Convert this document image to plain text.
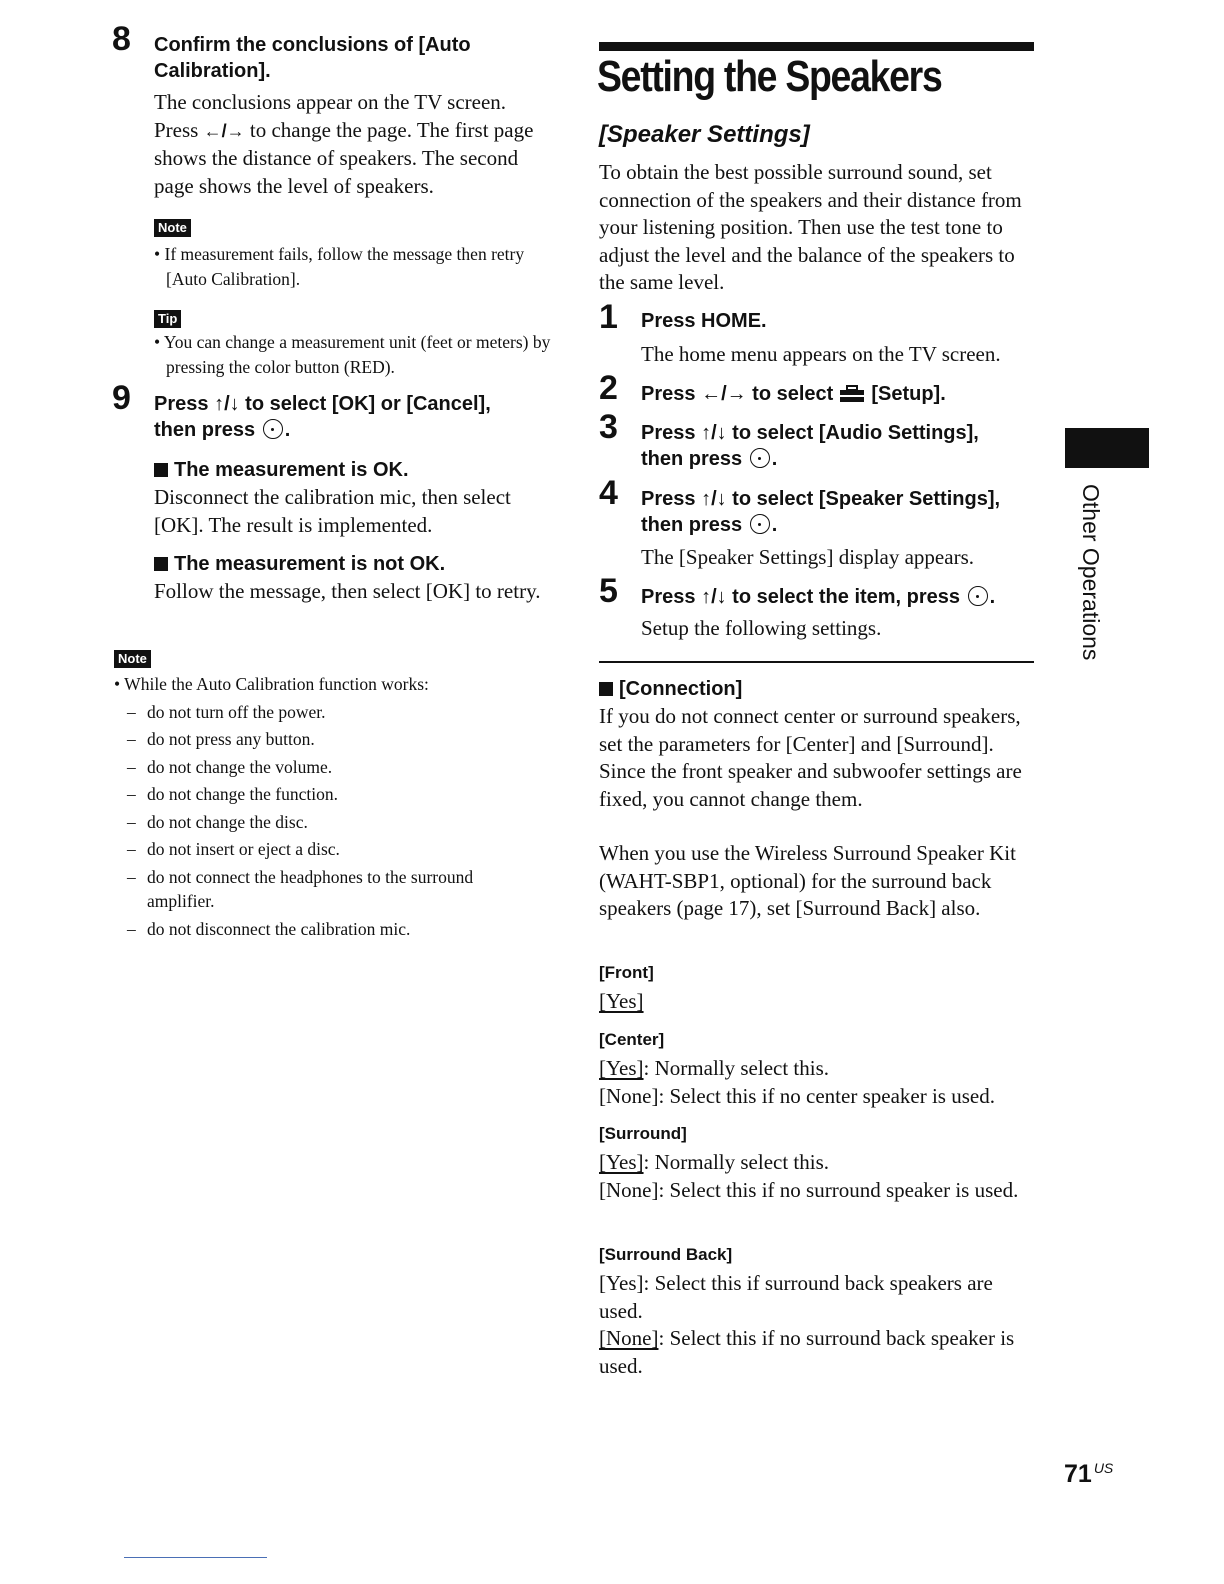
8 Confirm the conclusions of [Auto
Calibration].
The conclusions appear on the TV screen. Press ←/→ to change the page. The first page shows the distance of speakers. The second page shows the level of speakers.
Note
• If measurement fails, follow the message then retry [Auto Calibration].
Tip
• You can change a measurement unit (feet or meters) by pressing the color button (RED).
9 Press ↑/↓ to select [OK] or [Cancel],
then press .
The measurement is OK.
Disconnect the calibration mic, then select [OK]. The result is implemented.
The measurement is not OK.
Follow the message, then select [OK] to retry.
Note
• While the Auto Calibration function works:
– do not turn off the power.
– do not press any button.
– do not change the volume.
– do not change the function.
– do not change the disc.
– do not insert or eject a disc.
– do not connect the headphones to the surround amplifier.
– do not disconnect the calibration mic.
Setting the Speakers
[Speaker Settings]
To obtain the best possible surround sound, set connection of the speakers and their distance from your listening position. Then use the test tone to adjust the level and the balance of the speakers to the same level.
1 Press HOME.
The home menu appears on the TV screen.
2 Press ←/→ to select [Setup].
3 Press ↑/↓ to select [Audio Settings],
then press .
4 Press ↑/↓ to select [Speaker Settings],
then press .
The [Speaker Settings] display appears.
5 Press ↑/↓ to select the item, press .
Setup the following settings.
[Connection]
If you do not connect center or surround speakers, set the parameters for [Center] and [Surround]. Since the front speaker and subwoofer settings are fixed, you cannot change them.
When you use the Wireless Surround Speaker Kit (WAHT-SBP1, optional) for the surround back speakers (page 17), set [Surround Back] also.
[Front]
[Yes]
[Center]
[Yes]: Normally select this.
[None]: Select this if no center speaker is used.
[Surround]
[Yes]: Normally select this.
[None]: Select this if no surround speaker is used.
[Surround Back]
[Yes]: Select this if surround back speakers are used.
[None]: Select this if no surround back speaker is used.
Other Operations
71 $^{US}$
